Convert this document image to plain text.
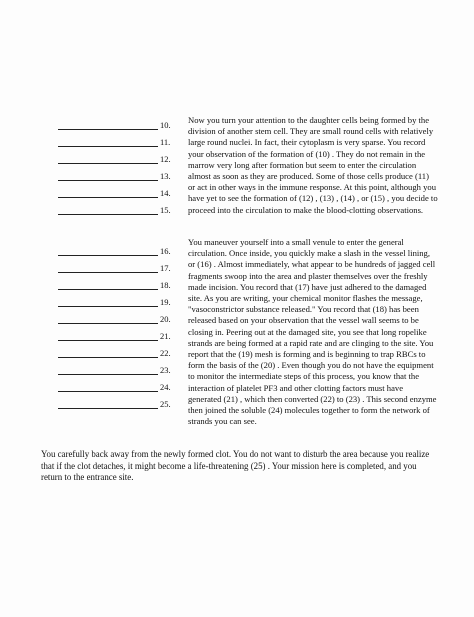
10.
11.
12.
13.
14.
15.
16.
17.
18.
19.
20.
21.
22.
23.
24.
25.

Now you turn your attention to the daughter cells being formed by the division of another stem cell. They are small round cells with relatively large round nuclei. In fact, their cytoplasm is very sparse. You record your observation of the formation of (10) . They do not remain in the marrow very long after formation but seem to enter the circulation almost as soon as they are produced. Some of those cells produce (11) or act in other ways in the immune response. At this point, although you have yet to see the formation of (12) , (13) , (14) , or (15) , you decide to proceed into the circulation to make the blood-clotting observations.

You maneuver yourself into a small venule to enter the general circulation. Once inside, you quickly make a slash in the vessel lining, or (16) . Almost immediately, what appear to be hundreds of jagged cell fragments swoop into the area and plaster themselves over the freshly made incision. You record that (17) have just adhered to the damaged site. As you are writing, your chemical monitor flashes the message, "vasoconstrictor substance released." You record that (18) has been released based on your observation that the vessel wall seems to be closing in. Peering out at the damaged site, you see that long ropelike strands are being formed at a rapid rate and are clinging to the site. You report that the (19) mesh is forming and is beginning to trap RBCs to form the basis of the (20) . Even though you do not have the equipment to monitor the intermediate steps of this process, you know that the interaction of platelet PF3 and other clotting factors must have generated (21) , which then converted (22) to (23) . This second enzyme then joined the soluble (24) molecules together to form the network of strands you can see.

You carefully back away from the newly formed clot. You do not want to disturb the area because you realize that if the clot detaches, it might become a life-threatening (25) . Your mission here is completed, and you return to the entrance site.
